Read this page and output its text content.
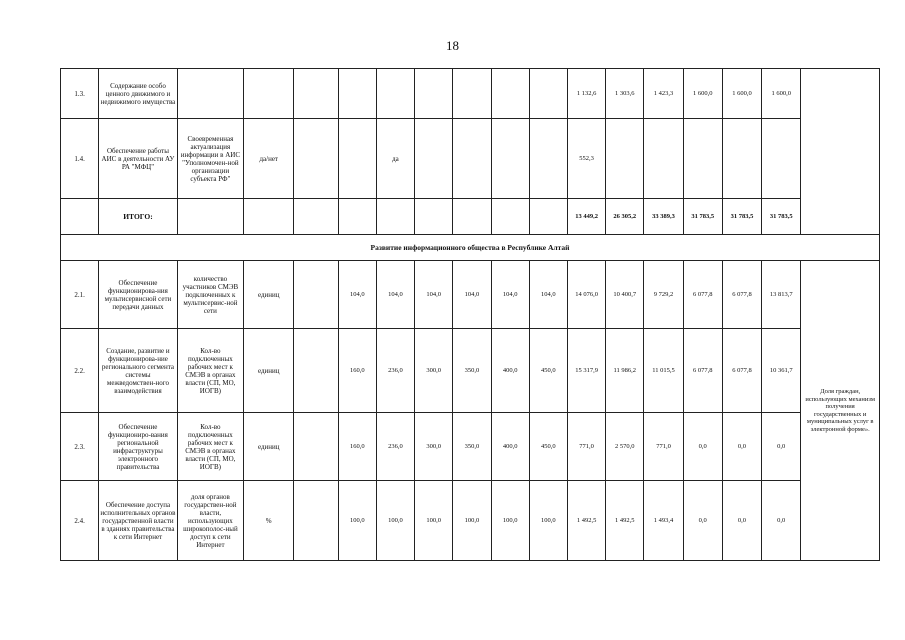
18
1.3.	Содержание особо ценного движимого и недвижимого имущества										1 132,6	1 303,6	1 423,3	1 600,0	1 600,0	1 600,0	
1.4.	Обеспечение работы АИС в деятельности АУ РА "МФЦ"	Своевременная актуализация информации в АИС "Уполномочен-ной организации субъекта РФ"	да/нет			да					552,3						
	ИТОГО:										13 449,2	26 305,2	33 389,3	31 783,5	31 783,5	31 783,5	
Развитие информационного общества в Республике Алтай																	
2.1.	Обеспечение функционирова-ния мультисервисной сети передачи данных	количество участников СМЭВ подключенных к мультисервис-ной сети	единиц		104,0	104,0	104,0	104,0	104,0	104,0	14 076,0	10 400,7	9 729,2	6 077,8	6 077,8	13 813,7	Доля граждан, использующих механизм получения государственных и муниципальных услуг в электронной форме».
2.2.	Создание, развитие и функционирова-ние регионального сегмента системы межведомствен-ного взаимодействия	Кол-во подключенных рабочих мест к СМЭВ в органах власти (СП, МО, ИОГВ)	единиц		160,0	236,0	300,0	350,0	400,0	450,0	15 317,9	11 986,2	11 015,5	6 077,8	6 077,8	10 361,7	
2.3.	Обеспечение функциониро-вания региональной инфраструктуры электронного правительства	Кол-во подключенных рабочих мест к СМЭВ в органах власти (СП, МО, ИОГВ)	единиц		160,0	236,0	300,0	350,0	400,0	450,0	771,0	2 570,0	771,0	0,0	0,0	0,0	
2.4.	Обеспечение доступа исполнительных органов государственной власти в зданиях правительства к сети Интернет	доля органов государствен-ной власти, использующих широкополос-ный доступ к сети Интернет	%		100,0	100,0	100,0	100,0	100,0	100,0	1 492,5	1 492,5	1 493,4	0,0	0,0	0,0	
